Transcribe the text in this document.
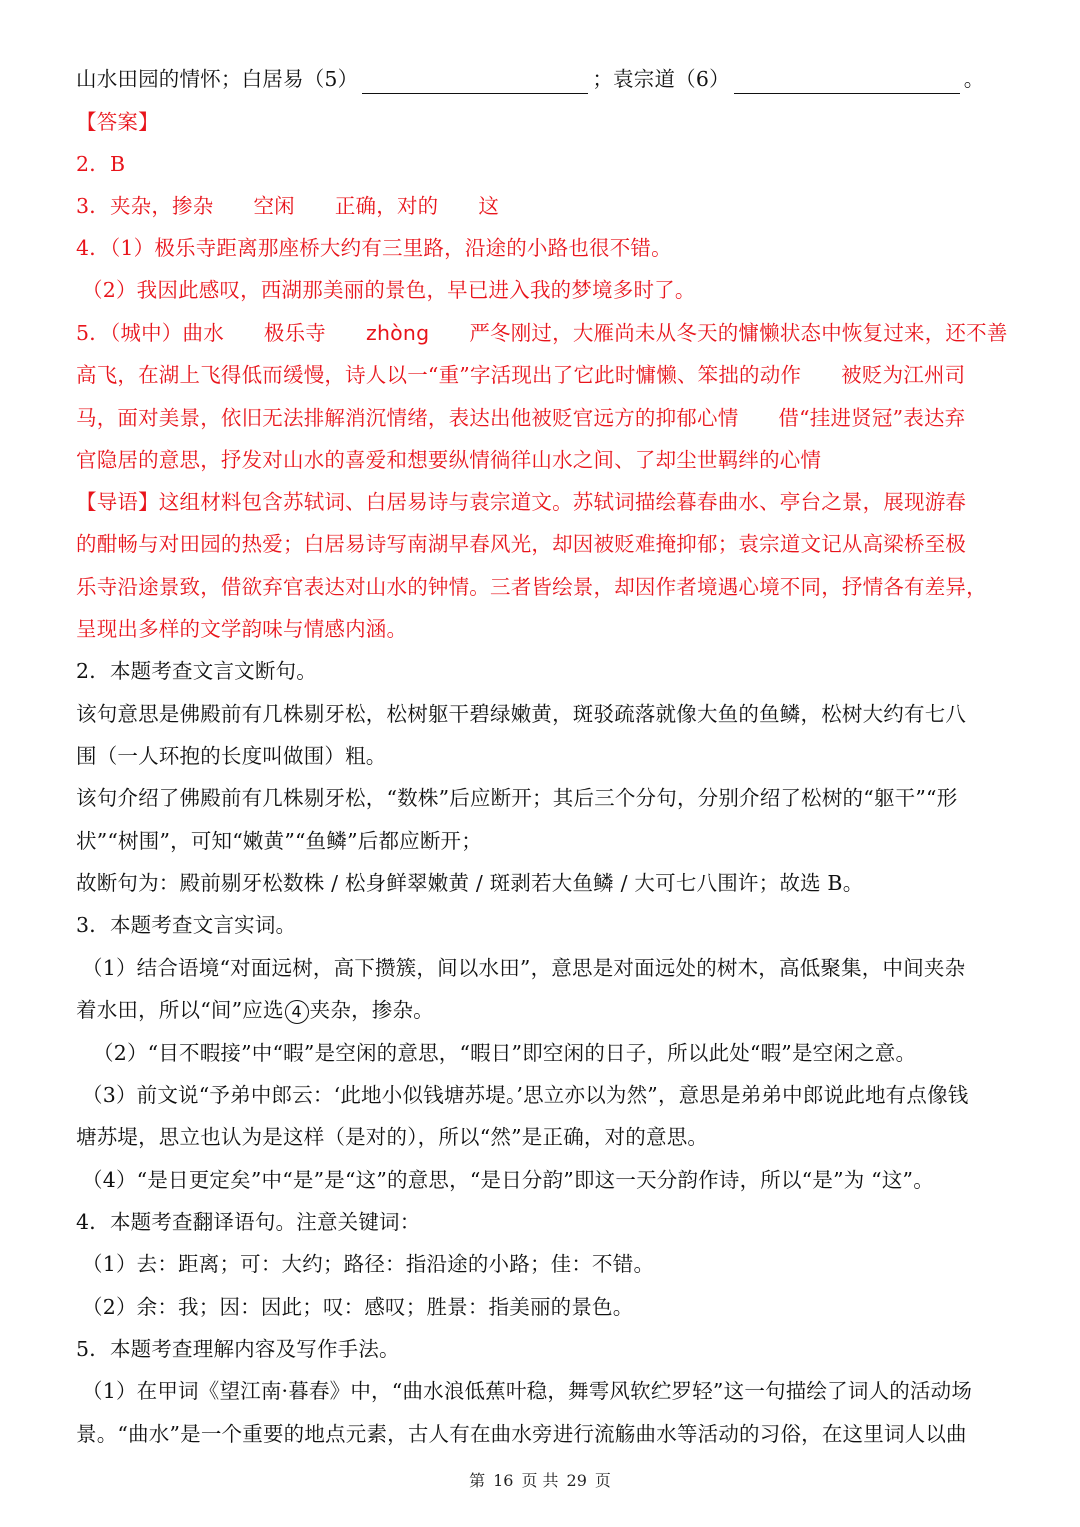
山水田园的情怀；白居易（5）	；袁宗道（6）	。
【答案】
2．B
3．夹杂，掺杂 空闲 正确，对的 这
4．（1）极乐寺距离那座桥大约有三里路，沿途的小路也很不错。
（2）我因此感叹，西湖那美丽的景色，早已进入我的梦境多时了。
5．（城中）曲水 极乐寺 zhòng 严冬刚过，大雁尚未从冬天的慵懒状态中恢复过来，还不善
高飞，在湖上飞得低而缓慢，诗人以一“重”字活现出了它此时慵懒、笨拙的动作 被贬为江州司
马，面对美景，依旧无法排解消沉情绪，表达出他被贬官远方的抑郁心情 借“挂进贤冠”表达弃
官隐居的意思，抒发对山水的喜爱和想要纵情徜徉山水之间、了却尘世羁绊的心情
【导语】这组材料包含苏轼词、白居易诗与袁宗道文。苏轼词描绘暮春曲水、亭台之景，展现游春
的酣畅与对田园的热爱；白居易诗写南湖早春风光，却因被贬难掩抑郁；袁宗道文记从高梁桥至极
乐寺沿途景致，借欲弃官表达对山水的钟情。三者皆绘景，却因作者境遇心境不同，抒情各有差异，
呈现出多样的文学韵味与情感内涵。
2．本题考查文言文断句。
该句意思是佛殿前有几株剔牙松，松树躯干碧绿嫩黄，斑驳疏落就像大鱼的鱼鳞，松树大约有七八
围（一人环抱的长度叫做围）粗。
该句介绍了佛殿前有几株剔牙松，“数株”后应断开；其后三个分句，分别介绍了松树的“躯干”“形
状”“树围”，可知“嫩黄”“鱼鳞”后都应断开；
故断句为：殿前剔牙松数株 / 松身鲜翠嫩黄 / 斑剥若大鱼鳞 / 大可七八围许；故选 B。
3．本题考查文言实词。
（1）结合语境“对面远树，高下攒簇，间以水田”，意思是对面远处的树木，高低聚集，中间夹杂
着水田，所以“间”应选 4 夹杂，掺杂。
（2）“目不暇接”中“暇”是空闲的意思，“暇日”即空闲的日子，所以此处“暇”是空闲之意。
（3）前文说“予弟中郎云：‘此地小似钱塘苏堤。’思立亦以为然”，意思是弟弟中郎说此地有点像钱
塘苏堤，思立也认为是这样（是对的），所以“然”是正确，对的意思。
（4）“是日更定矣”中“是”是“这”的意思，“是日分韵”即这一天分韵作诗，所以“是”为 “这”。
4．本题考查翻译语句。注意关键词：
（1）去：距离；可：大约；路径：指沿途的小路；佳：不错。
（2）余：我；因：因此；叹：感叹；胜景：指美丽的景色。
5．本题考查理解内容及写作手法。
（1）在甲词《望江南·暮春》中，“曲水浪低蕉叶稳，舞雩风软纻罗轻”这一句描绘了词人的活动场
景。“曲水”是一个重要的地点元素，古人有在曲水旁进行流觞曲水等活动的习俗，在这里词人以曲
第 16 页 共 29 页
